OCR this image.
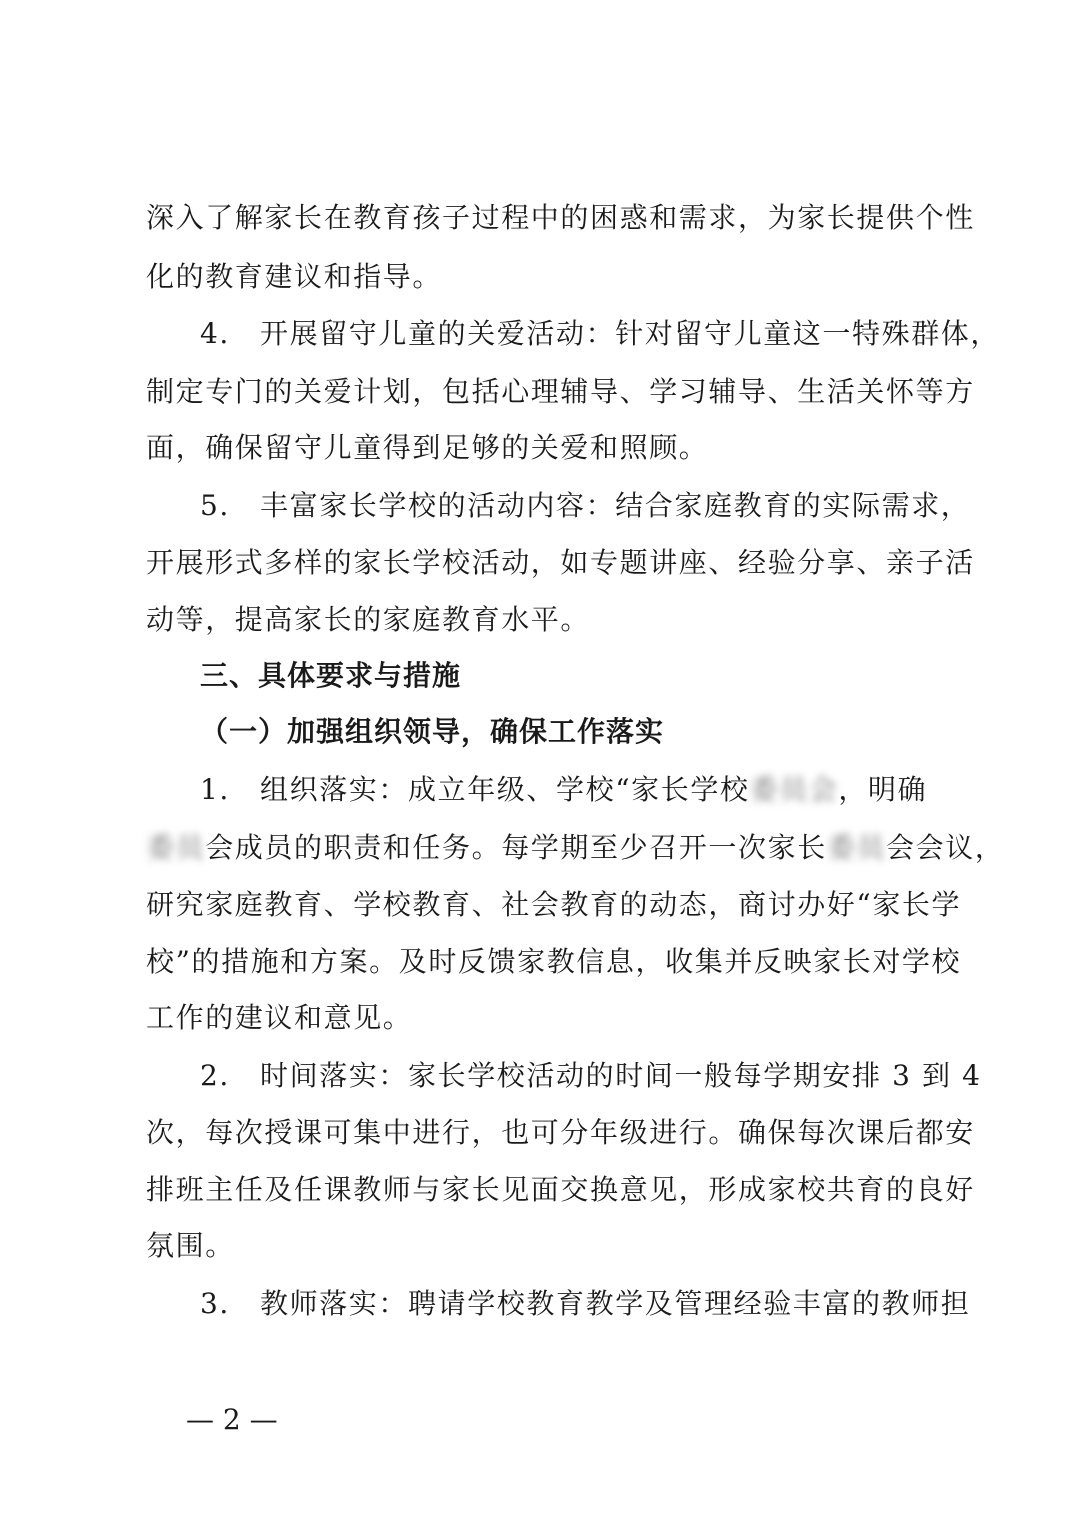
深入了解家长在教育孩子过程中的困惑和需求，为家长提供个性
化的教育建议和指导。
4. 开展留守儿童的关爱活动：针对留守儿童这一特殊群体，
制定专门的关爱计划，包括心理辅导、学习辅导、生活关怀等方
面，确保留守儿童得到足够的关爱和照顾。
5. 丰富家长学校的活动内容：结合家庭教育的实际需求，
开展形式多样的家长学校活动，如专题讲座、经验分享、亲子活
动等，提高家长的家庭教育水平。
三、具体要求与措施
（一）加强组织领导，确保工作落实
1. 组织落实：成立年级、学校“家长学校委员会，明确
委员会成员的职责和任务。每学期至少召开一次家长委员会会议，
研究家庭教育、学校教育、社会教育的动态，商讨办好“家长学
校”的措施和方案。及时反馈家教信息，收集并反映家长对学校
工作的建议和意见。
2. 时间落实：家长学校活动的时间一般每学期安排 3 到 4
次，每次授课可集中进行，也可分年级进行。确保每次课后都安
排班主任及任课教师与家长见面交换意见，形成家校共育的良好
氛围。
3. 教师落实：聘请学校教育教学及管理经验丰富的教师担
— 2 —
